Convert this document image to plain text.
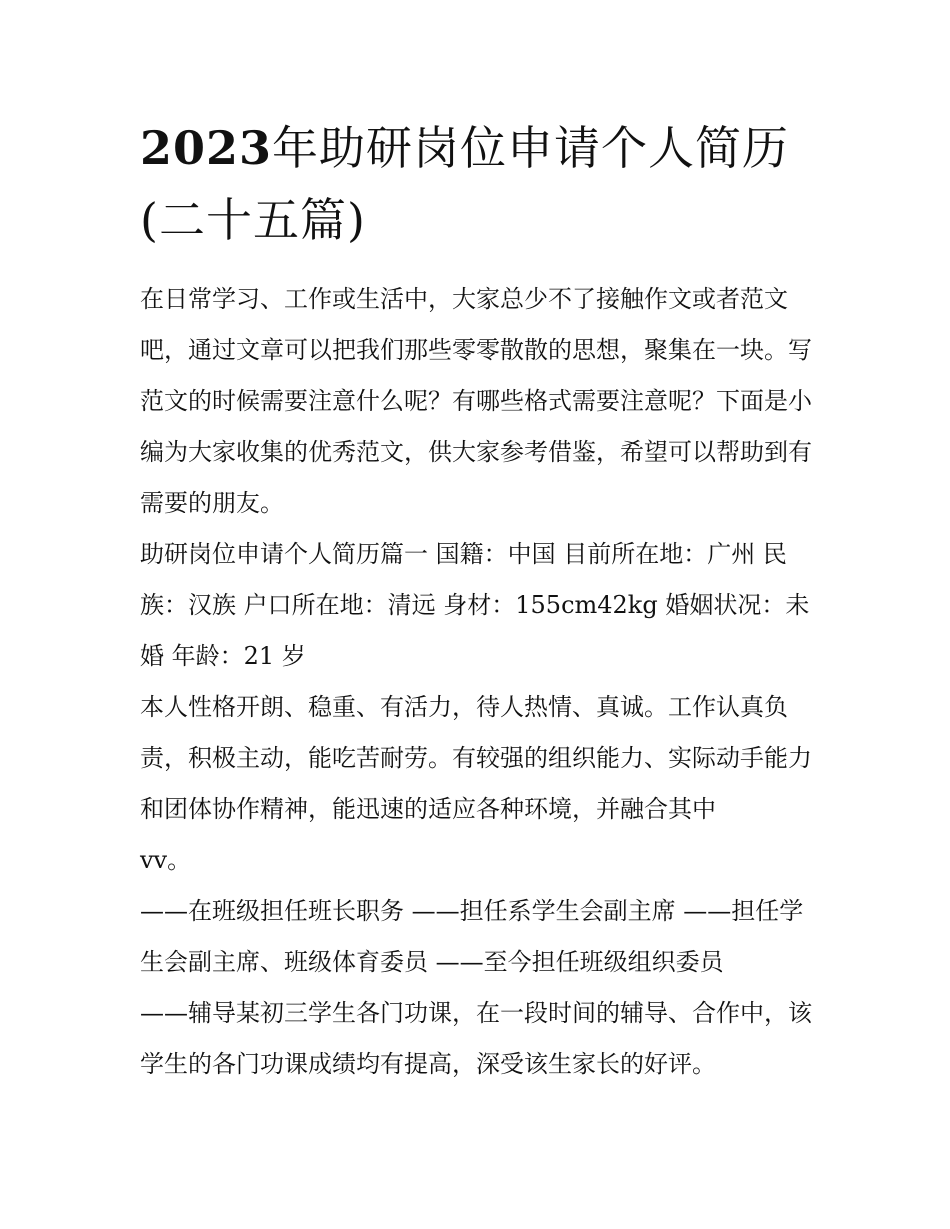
2023年助研岗位申请个人简历(二十五篇)

在日常学习、工作或生活中，大家总少不了接触作文或者范文吧，通过文章可以把我们那些零零散散的思想，聚集在一块。写范文的时候需要注意什么呢？有哪些格式需要注意呢？下面是小编为大家收集的优秀范文，供大家参考借鉴，希望可以帮助到有需要的朋友。

助研岗位申请个人简历篇一 国籍：中国 目前所在地：广州 民族：汉族 户口所在地：清远 身材：155cm42kg 婚姻状况：未婚 年龄：21 岁

本人性格开朗、稳重、有活力，待人热情、真诚。工作认真负责，积极主动，能吃苦耐劳。有较强的组织能力、实际动手能力和团体协作精神，能迅速的适应各种环境，并融合其中
vv。

——在班级担任班长职务 ——担任系学生会副主席 ——担任学生会副主席、班级体育委员 ——至今担任班级组织委员

——辅导某初三学生各门功课，在一段时间的辅导、合作中，该学生的各门功课成绩均有提高，深受该生家长的好评。
